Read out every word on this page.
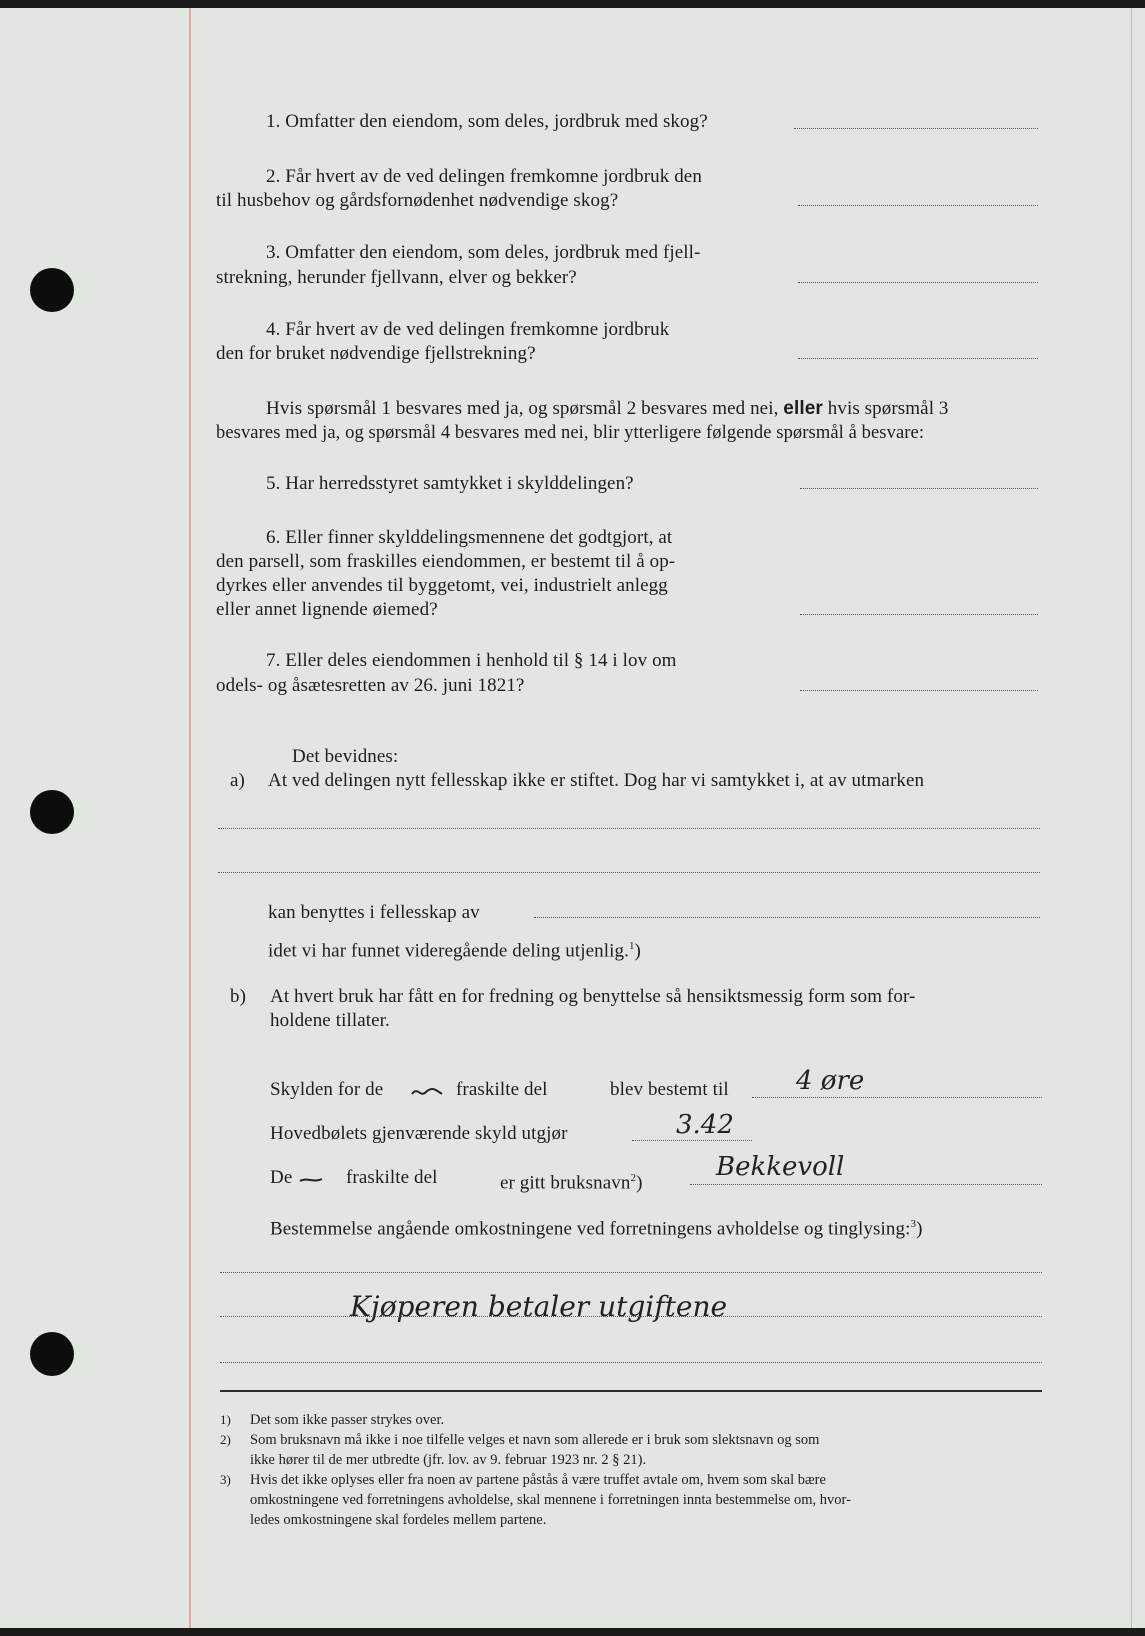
1. Omfatter den eiendom, som deles, jordbruk med skog?
2. Får hvert av de ved delingen fremkomne jordbruk den
til husbehov og gårdsfornødenhet nødvendige skog?
3. Omfatter den eiendom, som deles, jordbruk med fjell-
strekning, herunder fjellvann, elver og bekker?
4. Får hvert av de ved delingen fremkomne jordbruk
den for bruket nødvendige fjellstrekning?
Hvis spørsmål 1 besvares med ja, og spørsmål 2 besvares med nei, eller hvis spørsmål 3
besvares med ja, og spørsmål 4 besvares med nei, blir ytterligere følgende spørsmål å besvare:
5. Har herredsstyret samtykket i skylddelingen?
6. Eller finner skylddelingsmennene det godtgjort, at
den parsell, som fraskilles eiendommen, er bestemt til å op-
dyrkes eller anvendes til byggetomt, vei, industrielt anlegg
eller annet lignende øiemed?
7. Eller deles eiendommen i henhold til § 14 i lov om
odels- og åsætesretten av 26. juni 1821?
Det bevidnes:
a) At ved delingen nytt fellesskap ikke er stiftet. Dog har vi samtykket i, at av utmarken
kan benyttes i fellesskap av
idet vi har funnet videregående deling utjenlig.$^1$)
b) At hvert bruk har fått en for fredning og benyttelse så hensiktsmessig form som for-
holdene tillater.
Skylden for de	fraskilte del	blev bestemt til	4 øre
Hovedbølets gjenværende skyld utgjør	3.42
De	fraskilte del	er gitt bruksnavn$^2$)
Bekkevoll
Bestemmelse angående omkostningene ved forretningens avholdelse og tinglysing:$^3$)
Kjøperen betaler utgiftene
1) Det som ikke passer strykes over.
2) Som bruksnavn må ikke i noe tilfelle velges et navn som allerede er i bruk som slektsnavn og som
ikke hører til de mer utbredte (jfr. lov. av 9. februar 1923 nr. 2 § 21).
3) Hvis det ikke oplyses eller fra noen av partene påstås å være truffet avtale om, hvem som skal bære
omkostningene ved forretningens avholdelse, skal mennene i forretningen innta bestemmelse om, hvor-
ledes omkostningene skal fordeles mellem partene.
